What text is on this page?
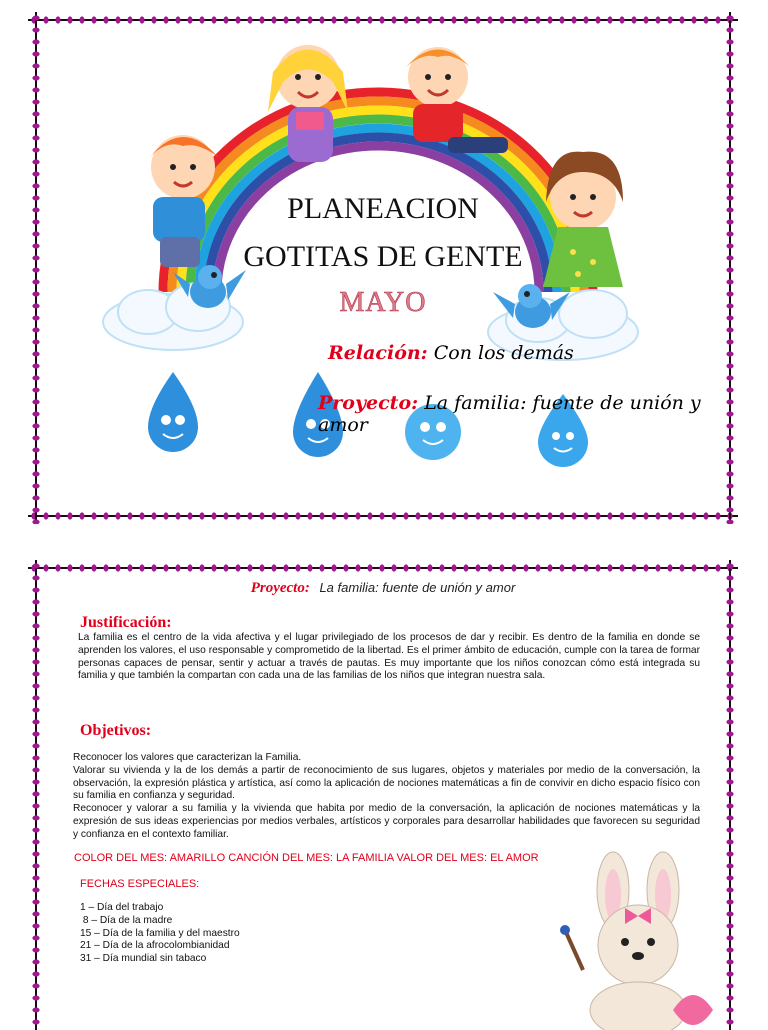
PLANEACION
GOTITAS DE GENTE
MAYO
Relación: Con los demás
Proyecto: La familia: fuente de unión y amor
Proyecto: La familia: fuente de unión y amor
Justificación:

La familia es el centro de la vida afectiva y el lugar privilegiado de los procesos de dar y recibir. Es dentro de la familia en donde se aprenden los valores, el uso responsable y comprometido de la libertad. Es el primer ámbito de educación, cumple con la tarea de formar personas capaces de pensar, sentir y actuar a través de pautas. Es muy importante que los niños conozcan cómo está integrada su familia y que también la compartan con cada una de las familias de los niños que integran nuestra sala.

Objetivos:

Reconocer los valores que caracterizan la Familia.

Valorar su vivienda y la de los demás a partir de reconocimiento de sus lugares, objetos y materiales por medio de la conversación, la observación, la expresión plástica y artística, así como la aplicación de nociones matemáticas a fin de convivir en dicho espacio físico con su familia en confianza y seguridad.

Reconocer y valorar a su familia y la vivienda que habita por medio de la conversación, la aplicación de nociones matemáticas y la expresión de sus ideas experiencias por medios verbales, artísticos y corporales para desarrollar habilidades que favorecen su seguridad y confianza en el contexto familiar.

COLOR DEL MES: AMARILLO CANCIÓN DEL MES: LA FAMILIA VALOR DEL MES: EL AMOR
FECHAS ESPECIALES:
1 – Día del trabajo
8 – Día de la madre
15 – Día de la familia y del maestro
21 – Día de la afrocolombianidad
31 – Día mundial sin tabaco
